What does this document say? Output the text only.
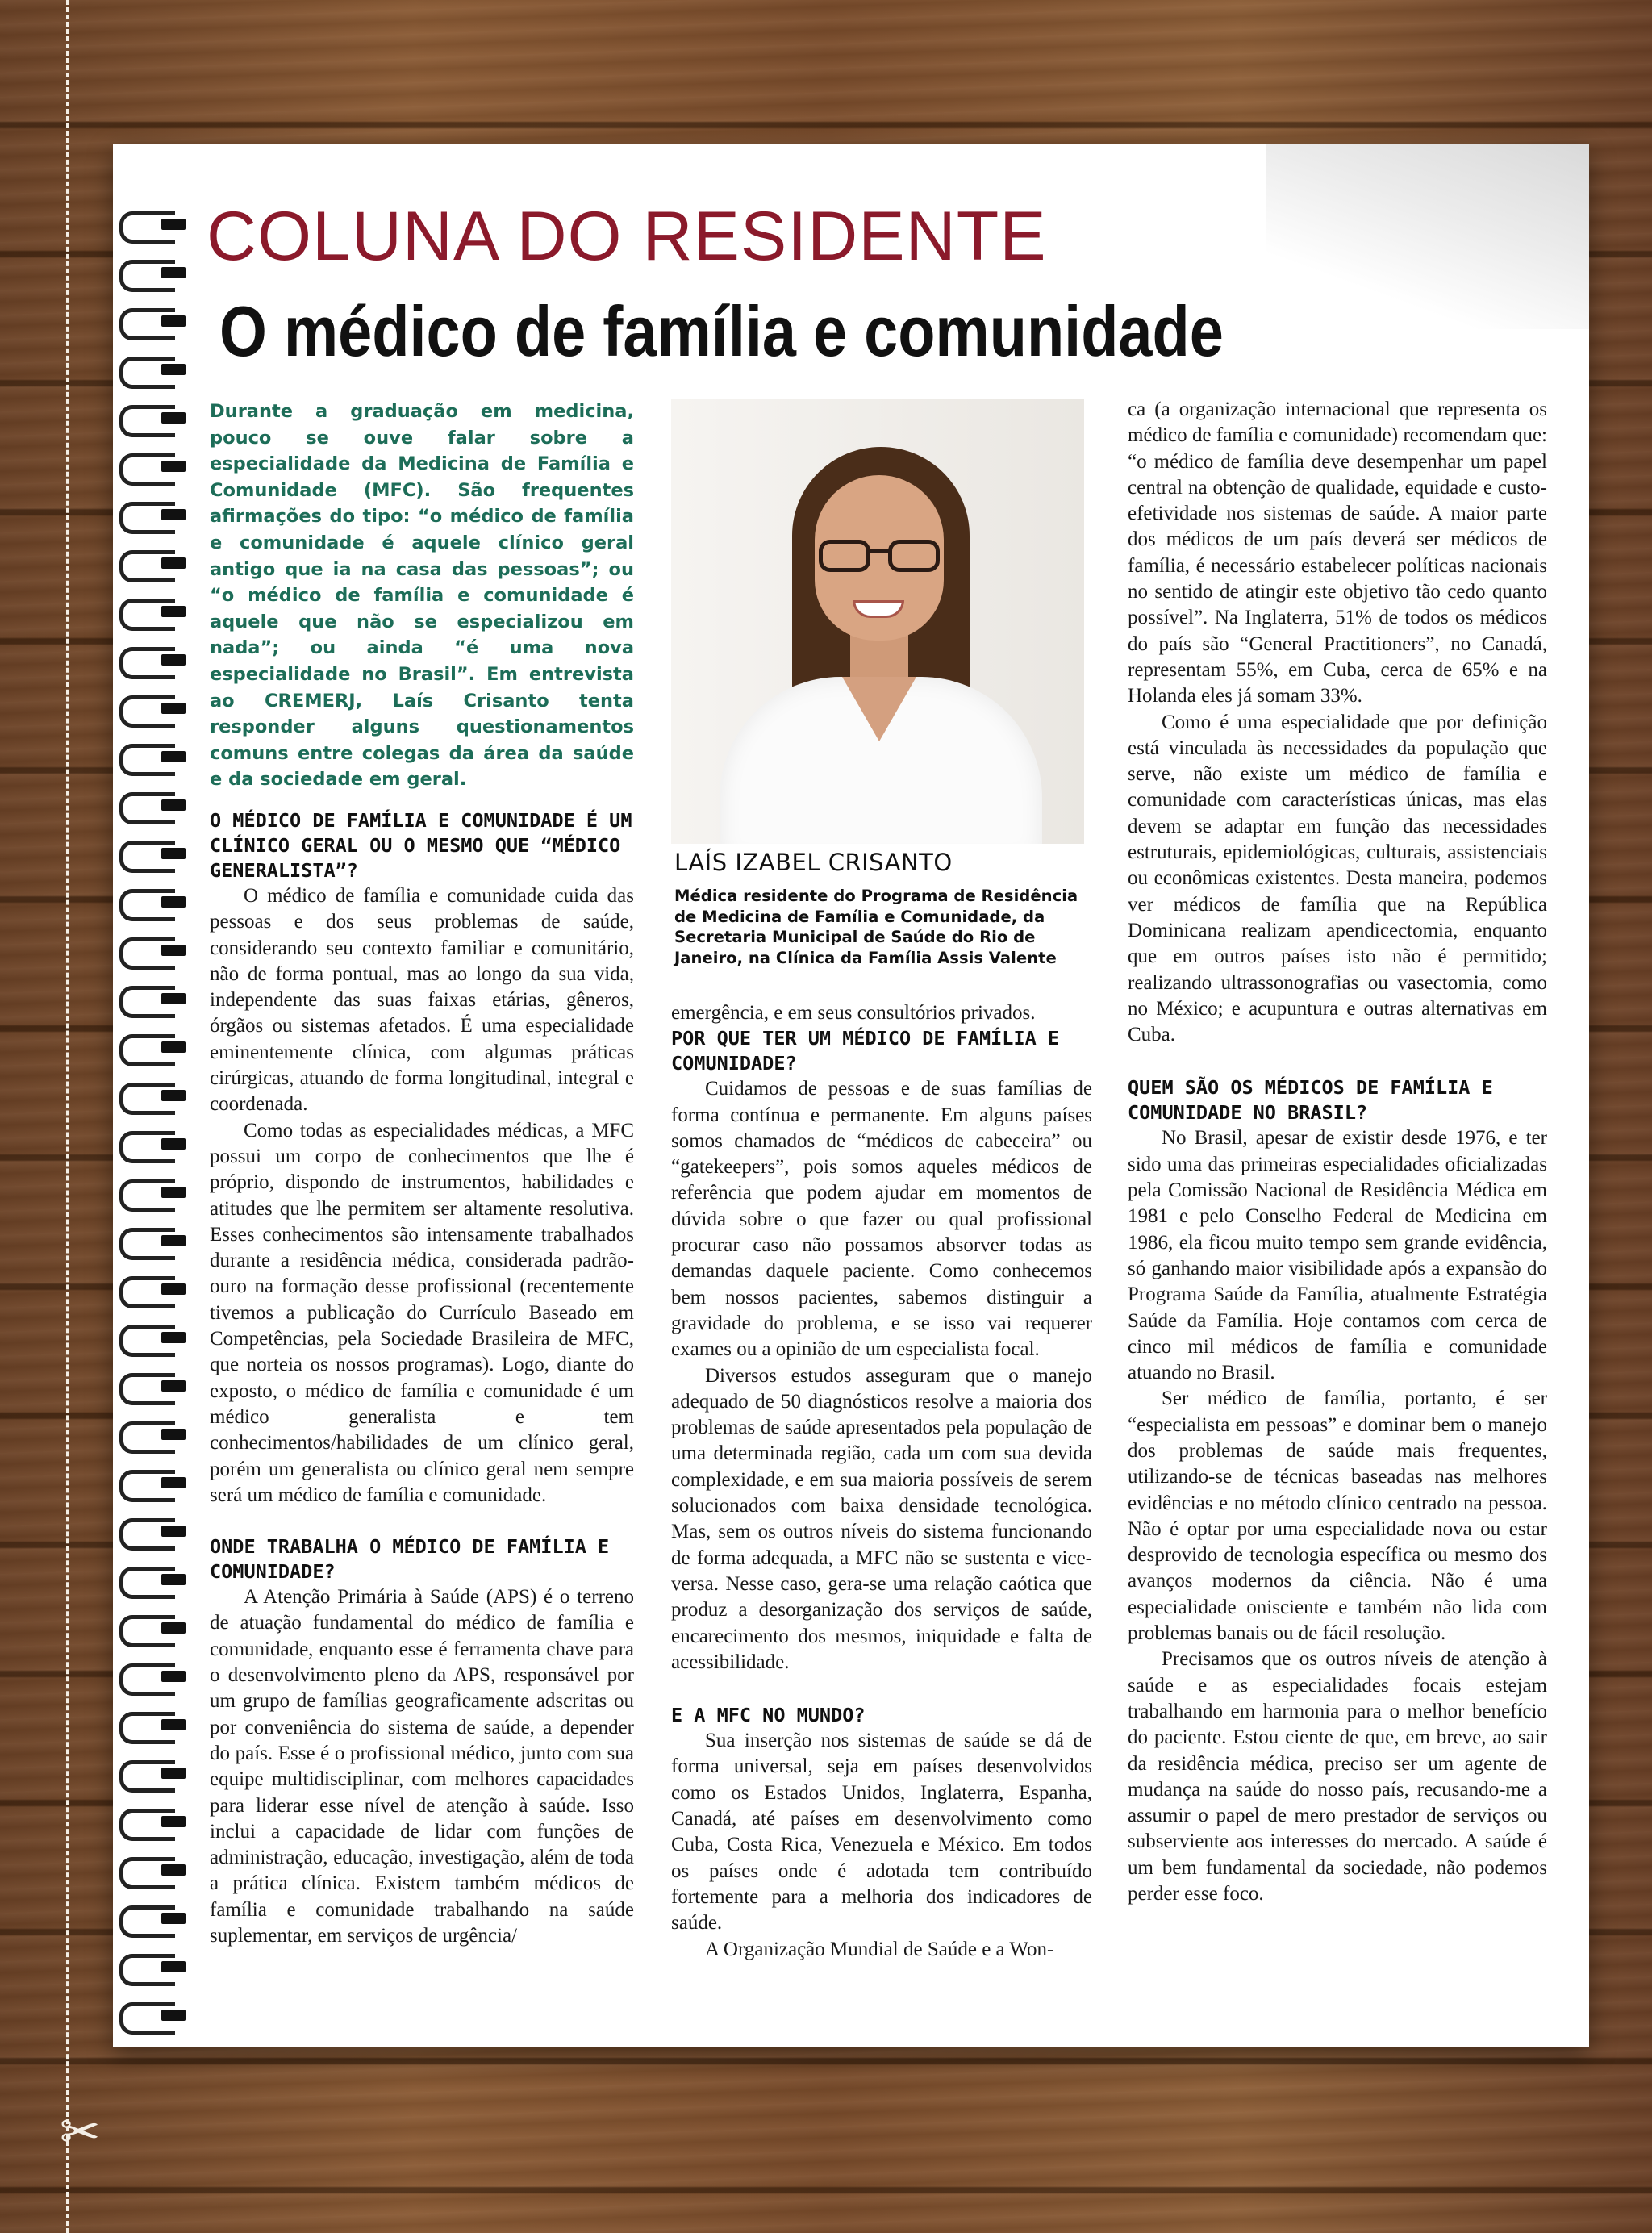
✂
COLUNA DO RESIDENTE
O médico de família e comunidade
Durante a graduação em medicina, pouco se ouve falar sobre a especialidade da Medicina de Família e Comunidade (MFC). São frequentes afirmações do tipo: “o médico de família e comunidade é aquele clínico geral antigo que ia na casa das pessoas”; ou “o médico de família e comunidade é aquele que não se especializou em nada”; ou ainda “é uma nova especialidade no Brasil”. Em entrevista ao CREMERJ, Laís Crisanto tenta responder alguns questionamentos comuns entre colegas da área da saúde e da sociedade em geral.
LAÍS IZABEL CRISANTO
Médica residente do Programa de Residência de Medicina de Família e Comunidade, da Secretaria Municipal de Saúde do Rio de Janeiro, na Clínica da Família Assis Valente
O MÉDICO DE FAMÍLIA E COMUNIDADE É UM CLÍNICO GERAL OU O MESMO QUE “MÉDICO GENERALISTA”?

O médico de família e comunidade cuida das pessoas e dos seus problemas de saúde, considerando seu contexto familiar e comunitário, não de forma pontual, mas ao longo da sua vida, independente das suas faixas etárias, gêneros, órgãos ou sistemas afetados. É uma especialidade eminentemente clínica, com algumas práticas cirúrgicas, atuando de forma longitudinal, integral e coordenada.

Como todas as especialidades médicas, a MFC possui um corpo de conhecimentos que lhe é próprio, dispondo de instrumentos, habilidades e atitudes que lhe permitem ser altamente resolutiva. Esses conhecimentos são intensamente trabalhados durante a residência médica, considerada padrão-ouro na formação desse profissional (recentemente tivemos a publicação do Currículo Baseado em Competências, pela Sociedade Brasileira de MFC, que norteia os nossos programas). Logo, diante do exposto, o médico de família e comunidade é um médico generalista e tem conhecimentos/habilidades de um clínico geral, porém um generalista ou clínico geral nem sempre será um médico de família e comunidade.

ONDE TRABALHA O MÉDICO DE FAMÍLIA E COMUNIDADE?

A Atenção Primária à Saúde (APS) é o terreno de atuação fundamental do médico de família e comunidade, enquanto esse é ferramenta chave para o desenvolvimento pleno da APS, responsável por um grupo de famílias geograficamente adscritas ou por conveniência do sistema de saúde, a depender do país. Esse é o profissional médico, junto com sua equipe multidisciplinar, com melhores capacidades para liderar esse nível de atenção à saúde. Isso inclui a capacidade de lidar com funções de administração, educação, investigação, além de toda a prática clínica. Existem também médicos de família e comunidade trabalhando na saúde suplementar, em serviços de urgência/

emergência, e em seus consultórios privados.

POR QUE TER UM MÉDICO DE FAMÍLIA E COMUNIDADE?

Cuidamos de pessoas e de suas famílias de forma contínua e permanente. Em alguns países somos chamados de “médicos de cabeceira” ou “gatekeepers”, pois somos aqueles médicos de referência que podem ajudar em momentos de dúvida sobre o que fazer ou qual profissional procurar caso não possamos absorver todas as demandas daquele paciente. Como conhecemos bem nossos pacientes, sabemos distinguir a gravidade do problema, e se isso vai requerer exames ou a opinião de um especialista focal.

Diversos estudos asseguram que o manejo adequado de 50 diagnósticos resolve a maioria dos problemas de saúde apresentados pela população de uma determinada região, cada um com sua devida complexidade, e em sua maioria possíveis de serem solucionados com baixa densidade tecnológica. Mas, sem os outros níveis do sistema funcionando de forma adequada, a MFC não se sustenta e vice-versa. Nesse caso, gera-se uma relação caótica que produz a desorganização dos serviços de saúde, encarecimento dos mesmos, iniquidade e falta de acessibilidade.

E A MFC NO MUNDO?

Sua inserção nos sistemas de saúde se dá de forma universal, seja em países desenvolvidos como os Estados Unidos, Inglaterra, Espanha, Canadá, até países em desenvolvimento como Cuba, Costa Rica, Venezuela e México. Em todos os países onde é adotada tem contribuído fortemente para a melhoria dos indicadores de saúde.

A Organização Mundial de Saúde e a Won-

ca (a organização internacional que representa os médico de família e comunidade) recomendam que: “o médico de família deve desempenhar um papel central na obtenção de qualidade, equidade e custo-efetividade nos sistemas de saúde. A maior parte dos médicos de um país deverá ser médicos de família, é necessário estabelecer políticas nacionais no sentido de atingir este objetivo tão cedo quanto possível”. Na Inglaterra, 51% de todos os médicos do país são “General Practitioners”, no Canadá, representam 55%, em Cuba, cerca de 65% e na Holanda eles já somam 33%.

Como é uma especialidade que por definição está vinculada às necessidades da população que serve, não existe um médico de família e comunidade com características únicas, mas elas devem se adaptar em função das necessidades estruturais, epidemiológicas, culturais, assistenciais ou econômicas existentes. Desta maneira, podemos ver médicos de família que na República Dominicana realizam apendicectomia, enquanto que em outros países isto não é permitido; realizando ultrassonografias ou vasectomia, como no México; e acupuntura e outras alternativas em Cuba.

QUEM SÃO OS MÉDICOS DE FAMÍLIA E COMUNIDADE NO BRASIL?

No Brasil, apesar de existir desde 1976, e ter sido uma das primeiras especialidades oficializadas pela Comissão Nacional de Residência Médica em 1981 e pelo Conselho Federal de Medicina em 1986, ela ficou muito tempo sem grande evidência, só ganhando maior visibilidade após a expansão do Programa Saúde da Família, atualmente Estratégia Saúde da Família. Hoje contamos com cerca de cinco mil médicos de família e comunidade atuando no Brasil.

Ser médico de família, portanto, é ser “especialista em pessoas” e dominar bem o manejo dos problemas de saúde mais frequentes, utilizando-se de técnicas baseadas nas melhores evidências e no método clínico centrado na pessoa. Não é optar por uma especialidade nova ou estar desprovido de tecnologia específica ou mesmo dos avanços modernos da ciência. Não é uma especialidade onisciente e também não lida com problemas banais ou de fácil resolução.

Precisamos que os outros níveis de atenção à saúde e as especialidades focais estejam trabalhando em harmonia para o melhor benefício do paciente. Estou ciente de que, em breve, ao sair da residência médica, preciso ser um agente de mudança na saúde do nosso país, recusando-me a assumir o papel de mero prestador de serviços ou subserviente aos interesses do mercado. A saúde é um bem fundamental da sociedade, não podemos perder esse foco.
